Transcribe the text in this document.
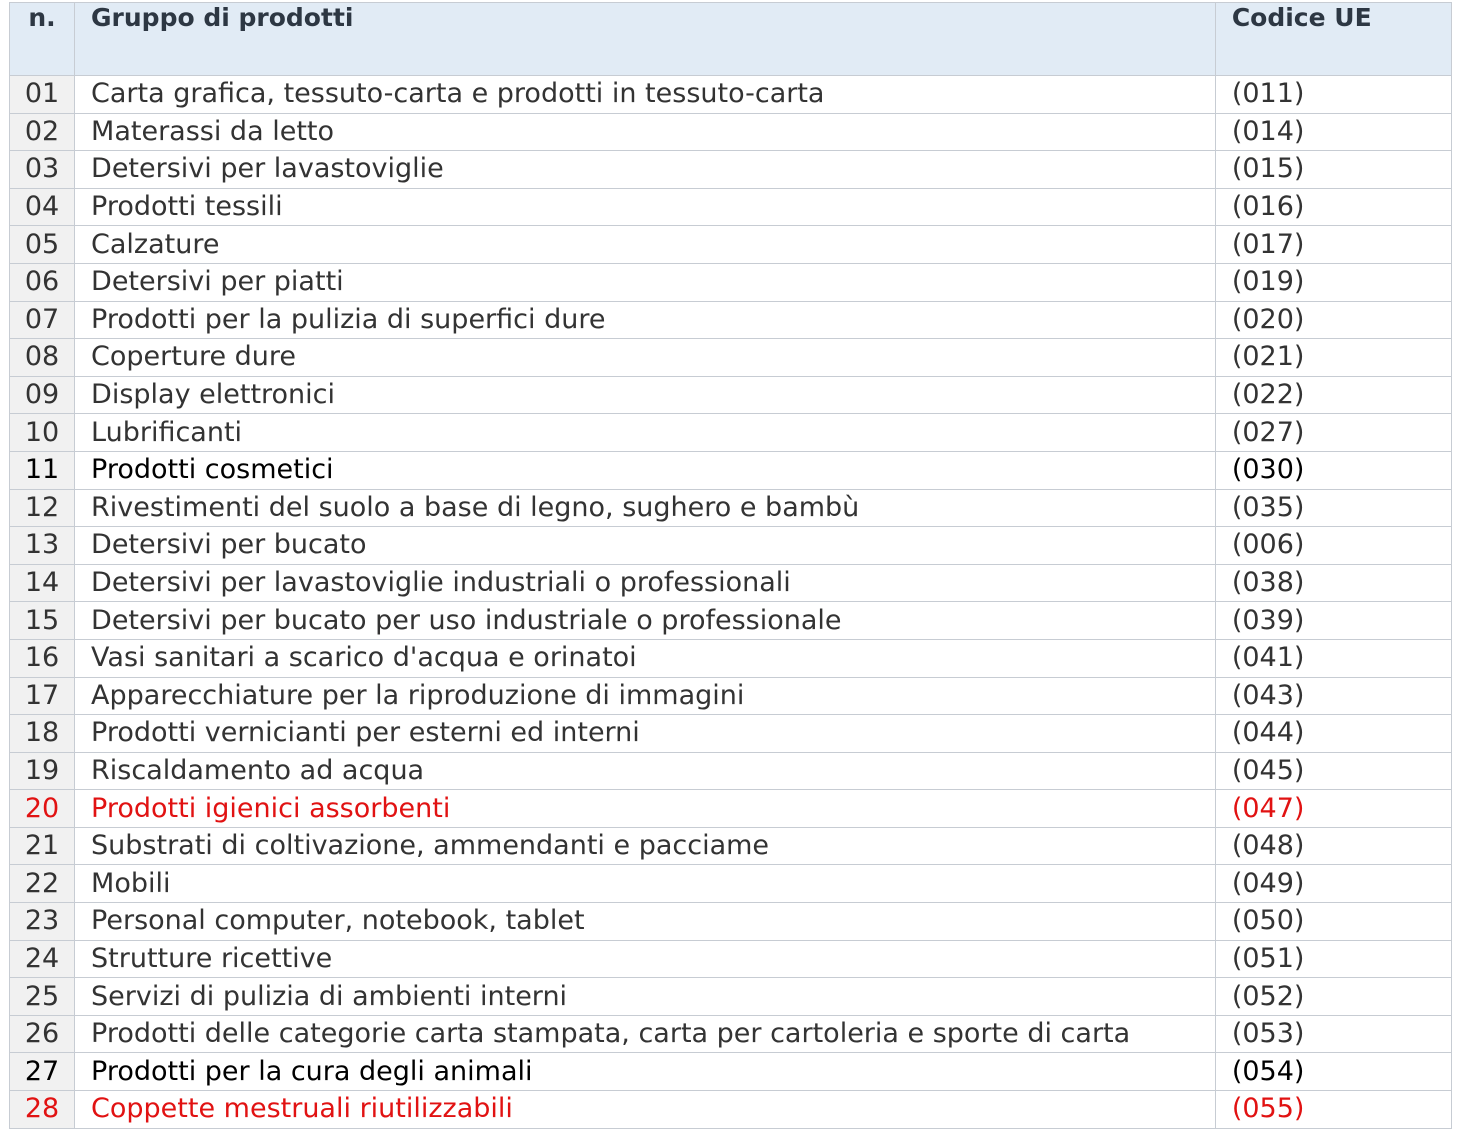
n.	Gruppo di prodotti	Codice UE
01	Carta grafica, tessuto-carta e prodotti in tessuto-carta	(011)
02	Materassi da letto	(014)
03	Detersivi per lavastoviglie	(015)
04	Prodotti tessili	(016)
05	Calzature	(017)
06	Detersivi per piatti	(019)
07	Prodotti per la pulizia di superfici dure	(020)
08	Coperture dure	(021)
09	Display elettronici	(022)
10	Lubrificanti	(027)
11	Prodotti cosmetici	(030)
12	Rivestimenti del suolo a base di legno, sughero e bambù	(035)
13	Detersivi per bucato	(006)
14	Detersivi per lavastoviglie industriali o professionali	(038)
15	Detersivi per bucato per uso industriale o professionale	(039)
16	Vasi sanitari a scarico d'acqua e orinatoi	(041)
17	Apparecchiature per la riproduzione di immagini	(043)
18	Prodotti vernicianti per esterni ed interni	(044)
19	Riscaldamento ad acqua	(045)
20	Prodotti igienici assorbenti	(047)
21	Substrati di coltivazione, ammendanti e pacciame	(048)
22	Mobili	(049)
23	Personal computer, notebook, tablet	(050)
24	Strutture ricettive	(051)
25	Servizi di pulizia di ambienti interni	(052)
26	Prodotti delle categorie carta stampata, carta per cartoleria e sporte di carta	(053)
27	Prodotti per la cura degli animali	(054)
28	Coppette mestruali riutilizzabili	(055)
